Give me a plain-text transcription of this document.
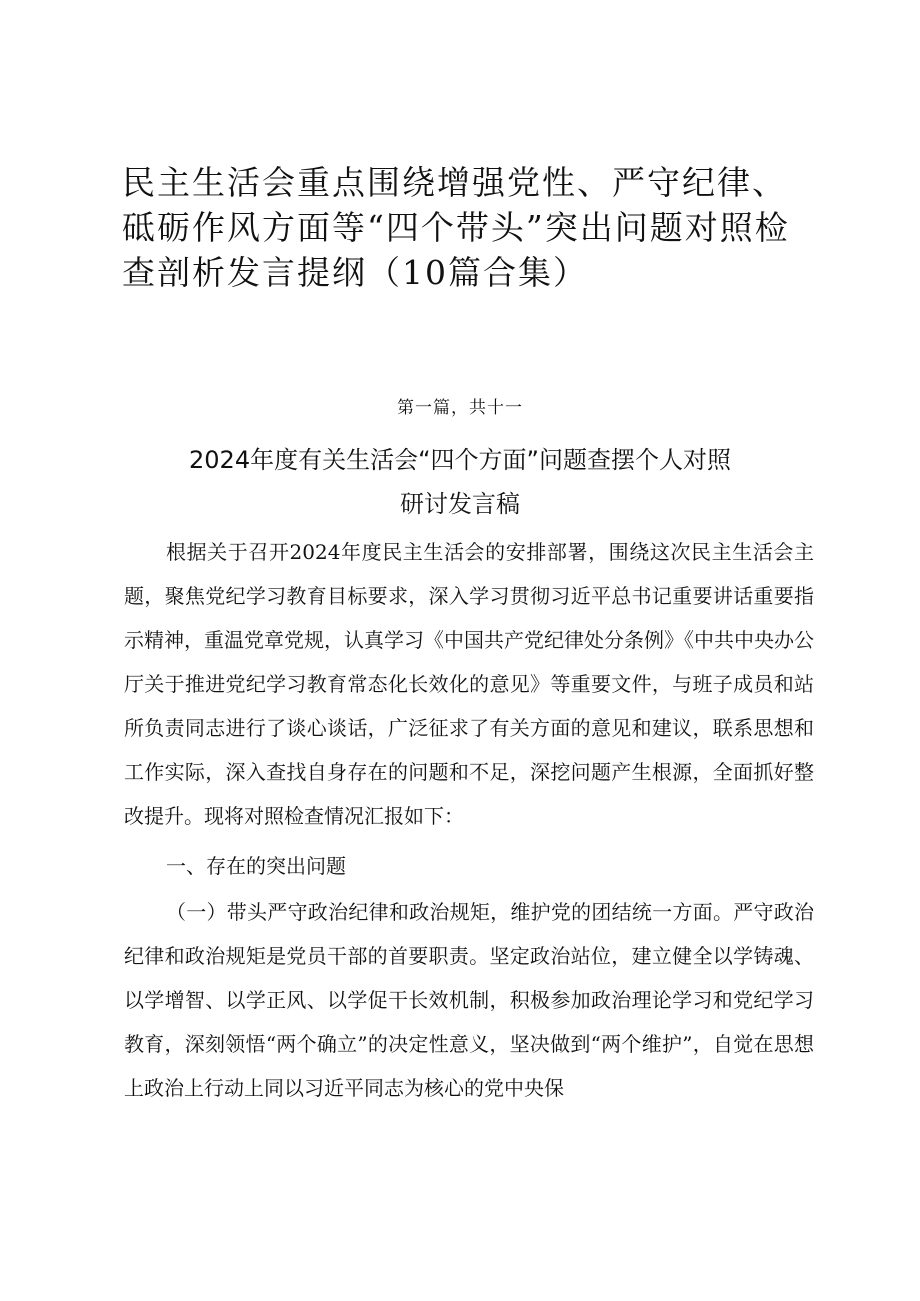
民主生活会重点围绕增强党性、严守纪律、砥砺作风方面等“四个带头”突出问题对照检查剖析发言提纲（10篇合集）
第一篇，共十一
2024年度有关生活会“四个方面”问题查摆个人对照
研讨发言稿

根据关于召开2024年度民主生活会的安排部署，围绕这次民主生活会主题，聚焦党纪学习教育目标要求，深入学习贯彻习近平总书记重要讲话重要指示精神，重温党章党规，认真学习《中国共产党纪律处分条例》《中共中央办公厅关于推进党纪学习教育常态化长效化的意见》等重要文件，与班子成员和站所负责同志进行了谈心谈话，广泛征求了有关方面的意见和建议，联系思想和工作实际，深入查找自身存在的问题和不足，深挖问题产生根源，全面抓好整改提升。现将对照检查情况汇报如下：

一、存在的突出问题

（一）带头严守政治纪律和政治规矩，维护党的团结统一方面。严守政治纪律和政治规矩是党员干部的首要职责。坚定政治站位，建立健全以学铸魂、以学增智、以学正风、以学促干长效机制，积极参加政治理论学习和党纪学习教育，深刻领悟“两个确立”的决定性意义，坚决做到“两个维护”，自觉在思想上政治上行动上同以习近平同志为核心的党中央保
